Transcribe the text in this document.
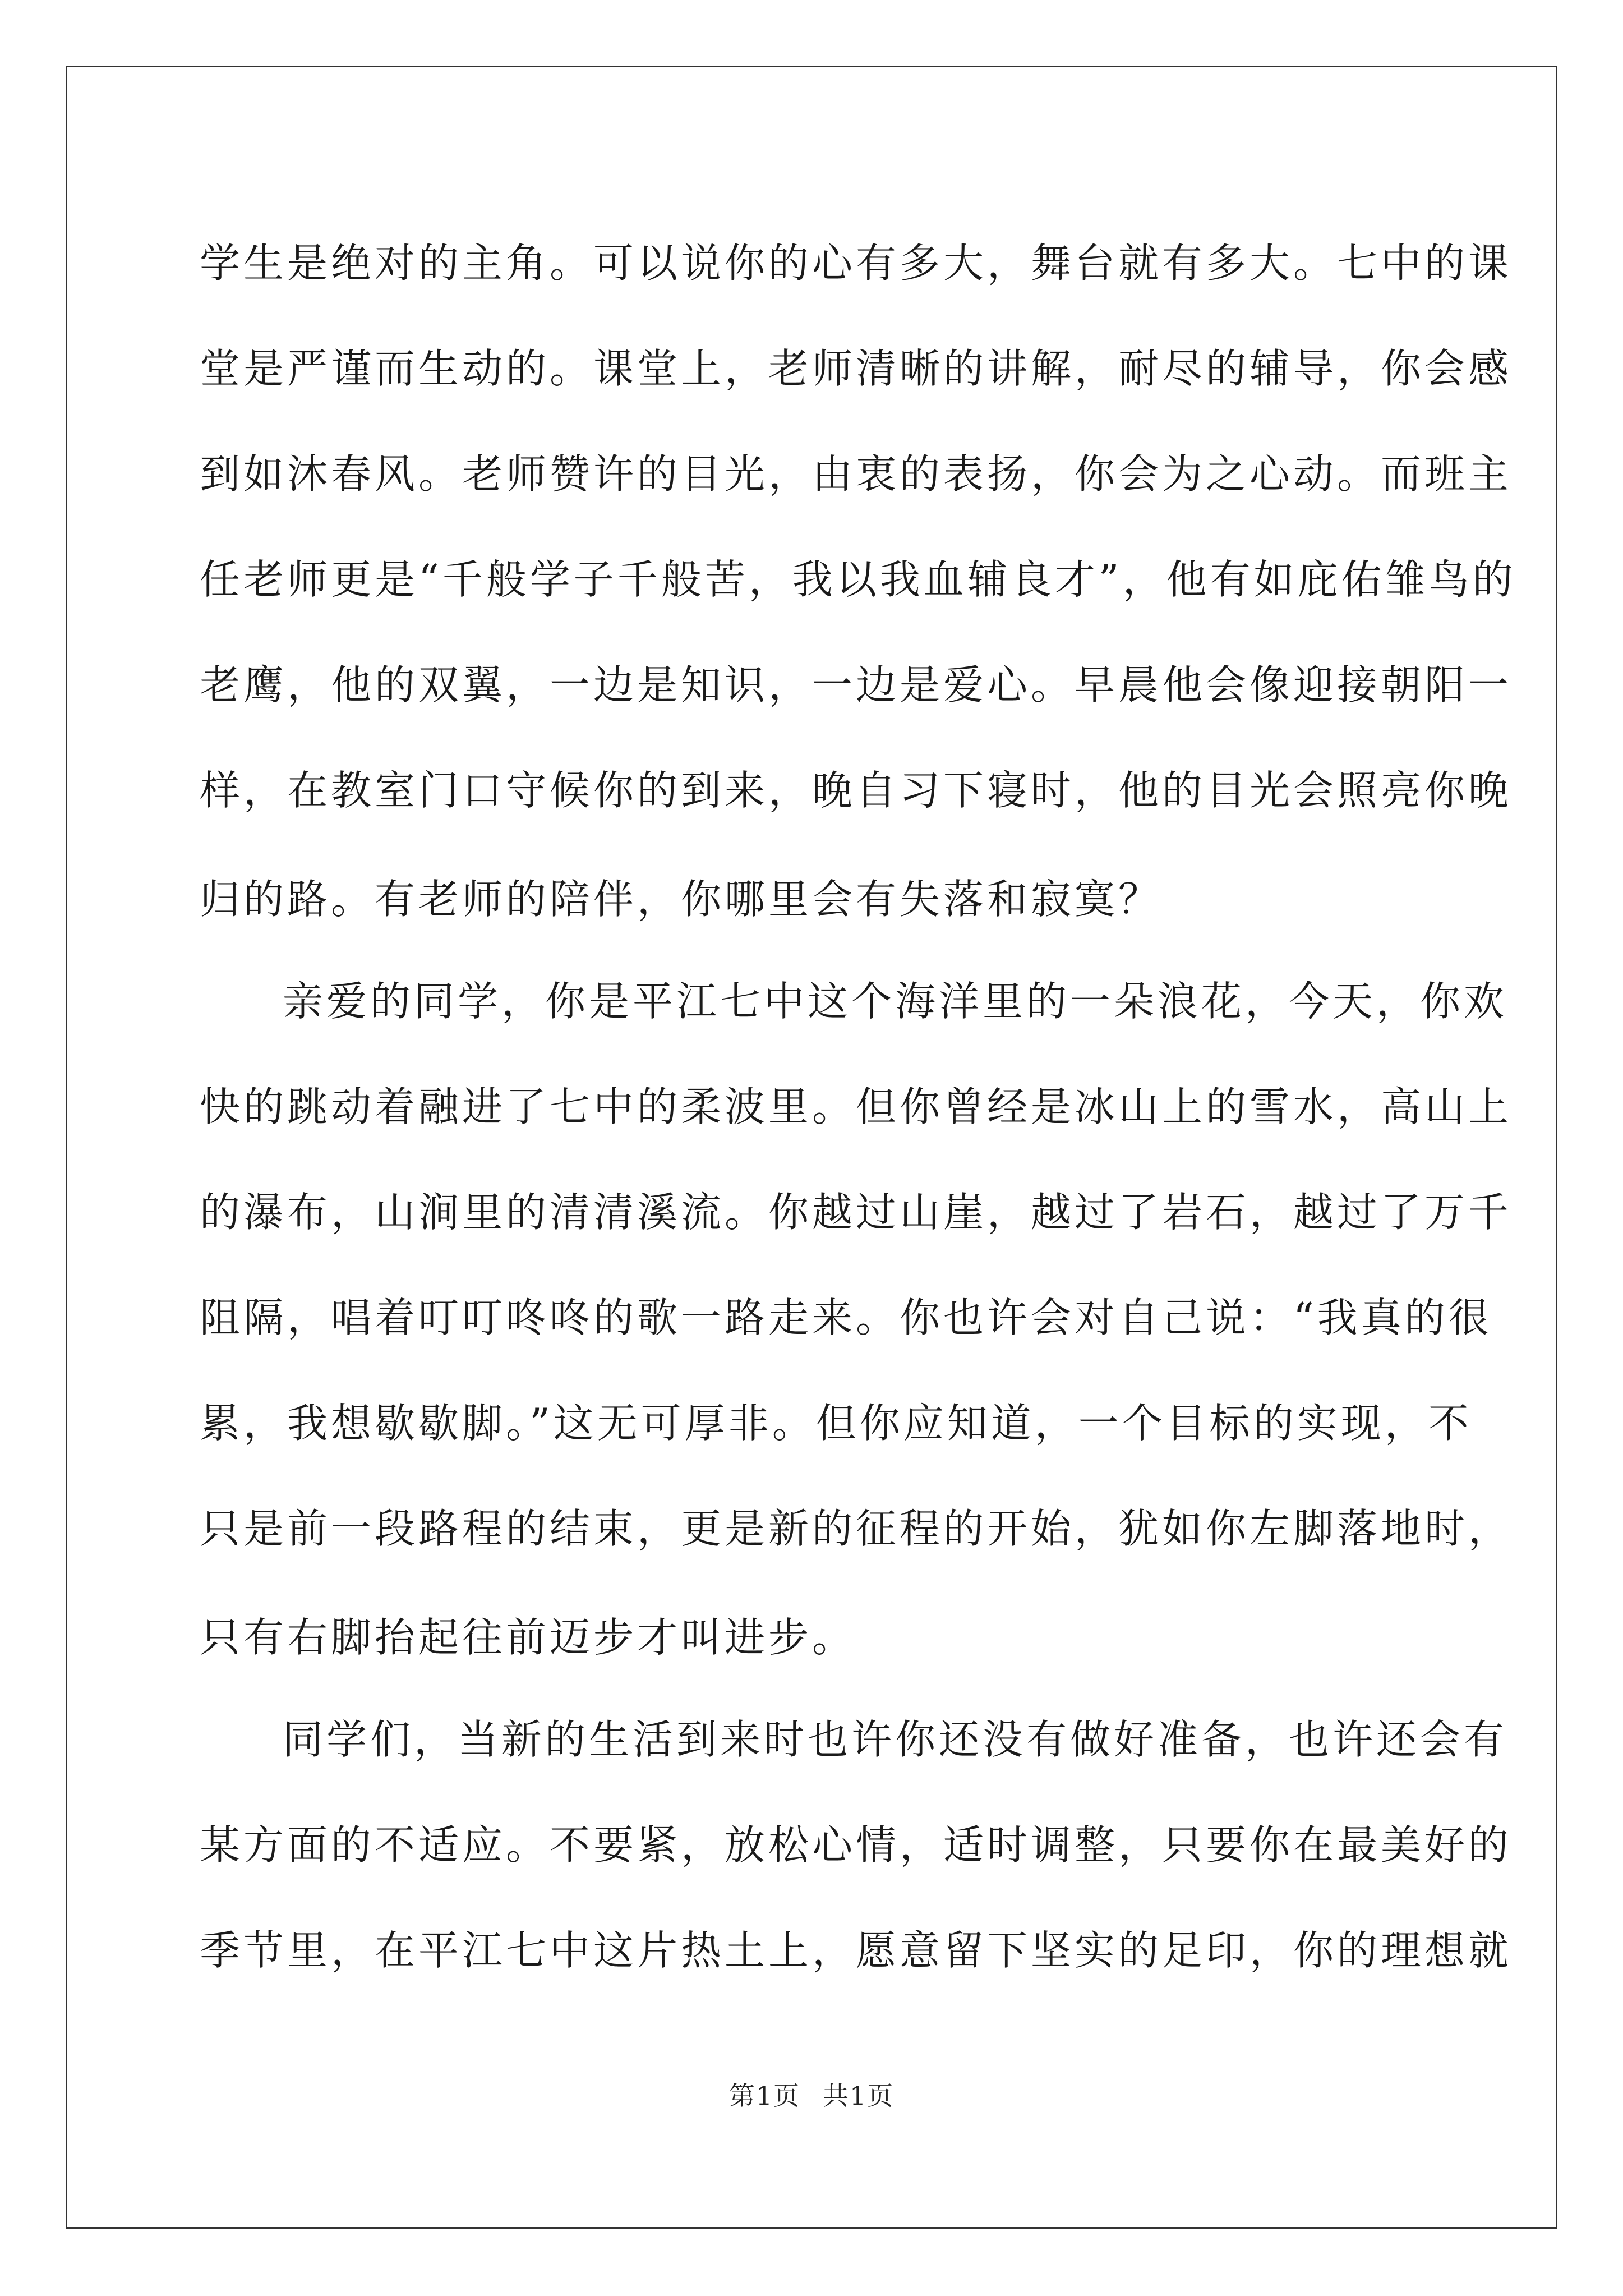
学生是绝对的主角。可以说你的心有多大，舞台就有多大。七中的课
堂是严谨而生动的。课堂上，老师清晰的讲解，耐尽的辅导，你会感
到如沐春风。老师赞许的目光，由衷的表扬，你会为之心动。而班主
任老师更是“千般学子千般苦，我以我血辅良才”，他有如庇佑雏鸟的
老鹰，他的双翼，一边是知识，一边是爱心。早晨他会像迎接朝阳一
样，在教室门口守候你的到来，晚自习下寝时，他的目光会照亮你晚
归的路。有老师的陪伴，你哪里会有失落和寂寞？
亲爱的同学，你是平江七中这个海洋里的一朵浪花，今天，你欢
快的跳动着融进了七中的柔波里。但你曾经是冰山上的雪水，高山上
的瀑布，山涧里的清清溪流。你越过山崖，越过了岩石，越过了万千
阻隔，唱着叮叮咚咚的歌一路走来。你也许会对自己说：“我真的很
累，我想歇歇脚。”这无可厚非。但你应知道，一个目标的实现，不
只是前一段路程的结束，更是新的征程的开始，犹如你左脚落地时，
只有右脚抬起往前迈步才叫进步。
同学们，当新的生活到来时也许你还没有做好准备，也许还会有
某方面的不适应。不要紧，放松心情，适时调整，只要你在最美好的
季节里，在平江七中这片热土上，愿意留下坚实的足印，你的理想就
第1页 共1页
